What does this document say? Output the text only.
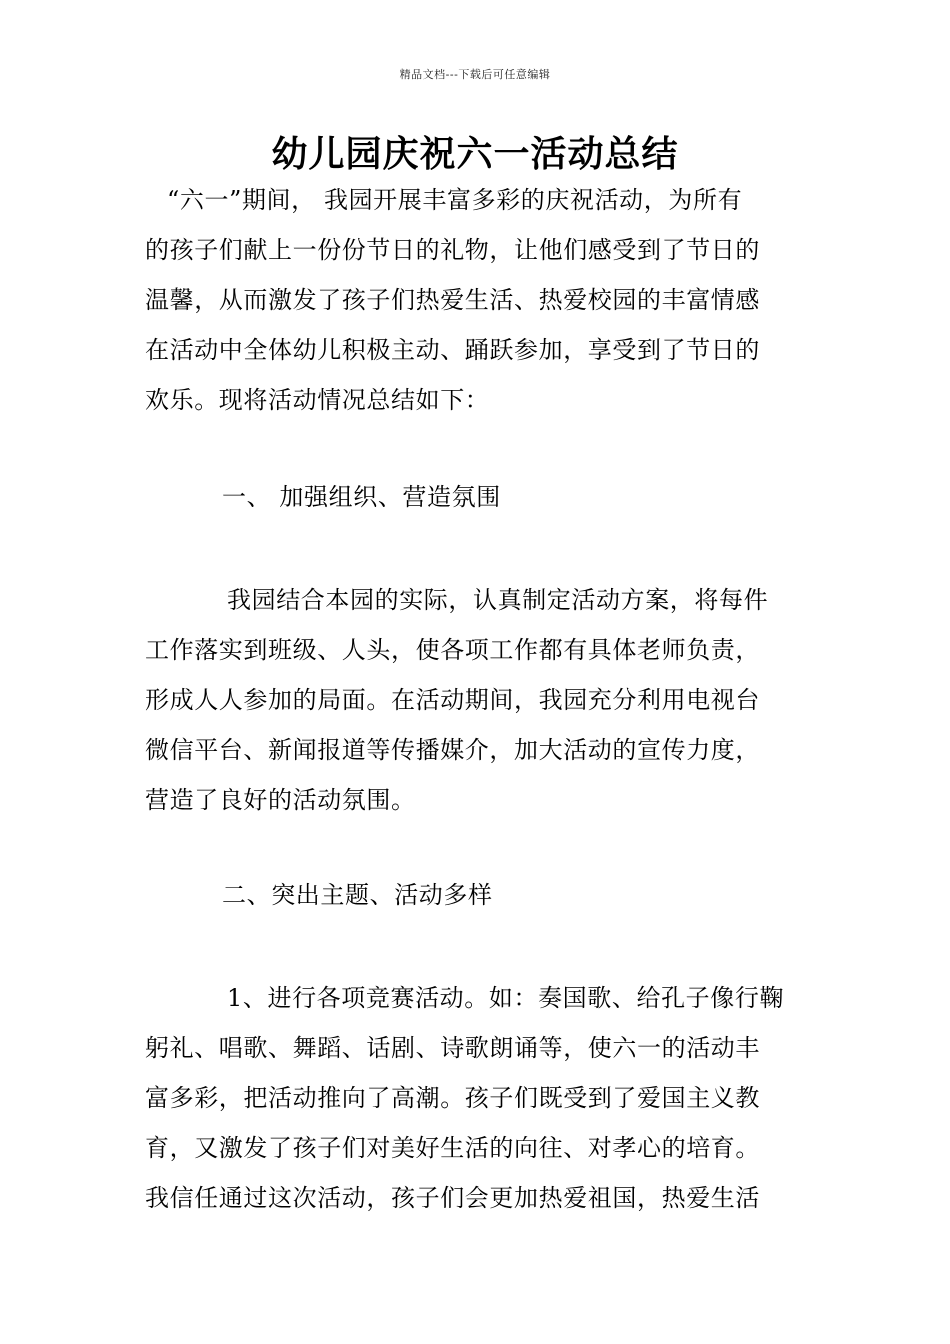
精品文档---下载后可任意编辑
幼儿园庆祝六一活动总结
“六一”期间， 我园开展丰富多彩的庆祝活动，为所有
的孩子们献上一份份节日的礼物，让他们感受到了节日的
温馨，从而激发了孩子们热爱生活、热爱校园的丰富情感
在活动中全体幼儿积极主动、踊跃参加，享受到了节日的
欢乐。现将活动情况总结如下：
一、 加强组织、营造氛围
我园结合本园的实际，认真制定活动方案，将每件
工作落实到班级、人头，使各项工作都有具体老师负责，
形成人人参加的局面。在活动期间，我园充分利用电视台
微信平台、新闻报道等传播媒介，加大活动的宣传力度，
营造了良好的活动氛围。
二、突出主题、活动多样
1、进行各项竞赛活动。如：奏国歌、给孔子像行鞠
躬礼、唱歌、舞蹈、话剧、诗歌朗诵等，使六一的活动丰
富多彩，把活动推向了高潮。孩子们既受到了爱国主义教
育，又激发了孩子们对美好生活的向往、对孝心的培育。
我信任通过这次活动，孩子们会更加热爱祖国，热爱生活
